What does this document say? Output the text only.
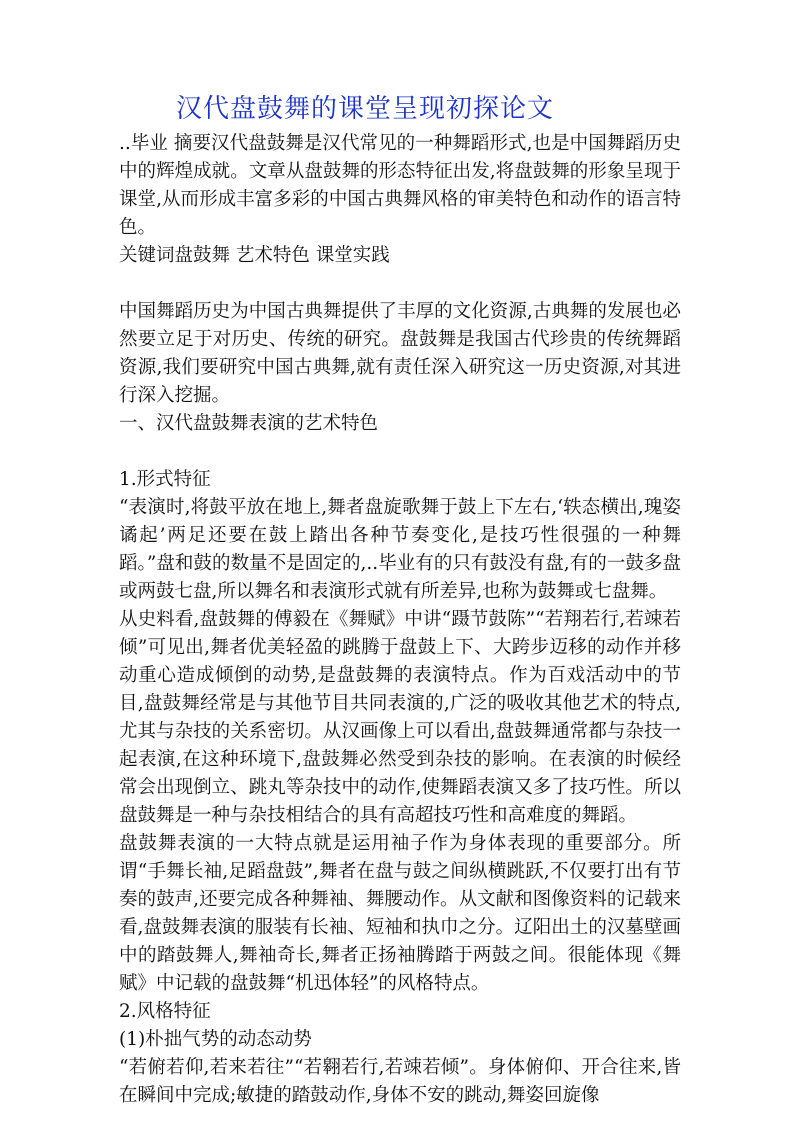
汉代盘鼓舞的课堂呈现初探论文

..毕业 摘要汉代盘鼓舞是汉代常见的一种舞蹈形式,也是中国舞蹈历史中的辉煌成就。文章从盘鼓舞的形态特征出发,将盘鼓舞的形象呈现于课堂,从而形成丰富多彩的中国古典舞风格的审美特色和动作的语言特色。

关键词盘鼓舞 艺术特色 课堂实践

中国舞蹈历史为中国古典舞提供了丰厚的文化资源,古典舞的发展也必然要立足于对历史、传统的研究。盘鼓舞是我国古代珍贵的传统舞蹈资源,我们要研究中国古典舞,就有责任深入研究这一历史资源,对其进行深入挖掘。

一、汉代盘鼓舞表演的艺术特色

1.形式特征

“表演时,将鼓平放在地上,舞者盘旋歌舞于鼓上下左右,‘轶态横出,瑰姿谲起’两足还要在鼓上踏出各种节奏变化,是技巧性很强的一种舞蹈。”盘和鼓的数量不是固定的,..毕业有的只有鼓没有盘,有的一鼓多盘或两鼓七盘,所以舞名和表演形式就有所差异,也称为鼓舞或七盘舞。

从史料看,盘鼓舞的傅毅在《舞赋》中讲“蹑节鼓陈”“若翔若行,若竦若倾”可见出,舞者优美轻盈的跳腾于盘鼓上下、大跨步迈移的动作并移动重心造成倾倒的动势,是盘鼓舞的表演特点。作为百戏活动中的节目,盘鼓舞经常是与其他节目共同表演的,广泛的吸收其他艺术的特点,尤其与杂技的关系密切。从汉画像上可以看出,盘鼓舞通常都与杂技一起表演,在这种环境下,盘鼓舞必然受到杂技的影响。在表演的时候经常会出现倒立、跳丸等杂技中的动作,使舞蹈表演又多了技巧性。所以盘鼓舞是一种与杂技相结合的具有高超技巧性和高难度的舞蹈。

盘鼓舞表演的一大特点就是运用袖子作为身体表现的重要部分。所谓“手舞长袖,足蹈盘鼓”,舞者在盘与鼓之间纵横跳跃,不仅要打出有节奏的鼓声,还要完成各种舞袖、舞腰动作。从文献和图像资料的记载来看,盘鼓舞表演的服装有长袖、短袖和执巾之分。辽阳出土的汉墓壁画中的踏鼓舞人,舞袖奇长,舞者正扬袖腾踏于两鼓之间。很能体现《舞赋》中记载的盘鼓舞“机迅体轻”的风格特点。

2.风格特征

(1)朴拙气势的动态动势

“若俯若仰,若来若往”“若翱若行,若竦若倾”。身体俯仰、开合往来,皆在瞬间中完成;敏捷的踏鼓动作,身体不安的跳动,舞姿回旋像
